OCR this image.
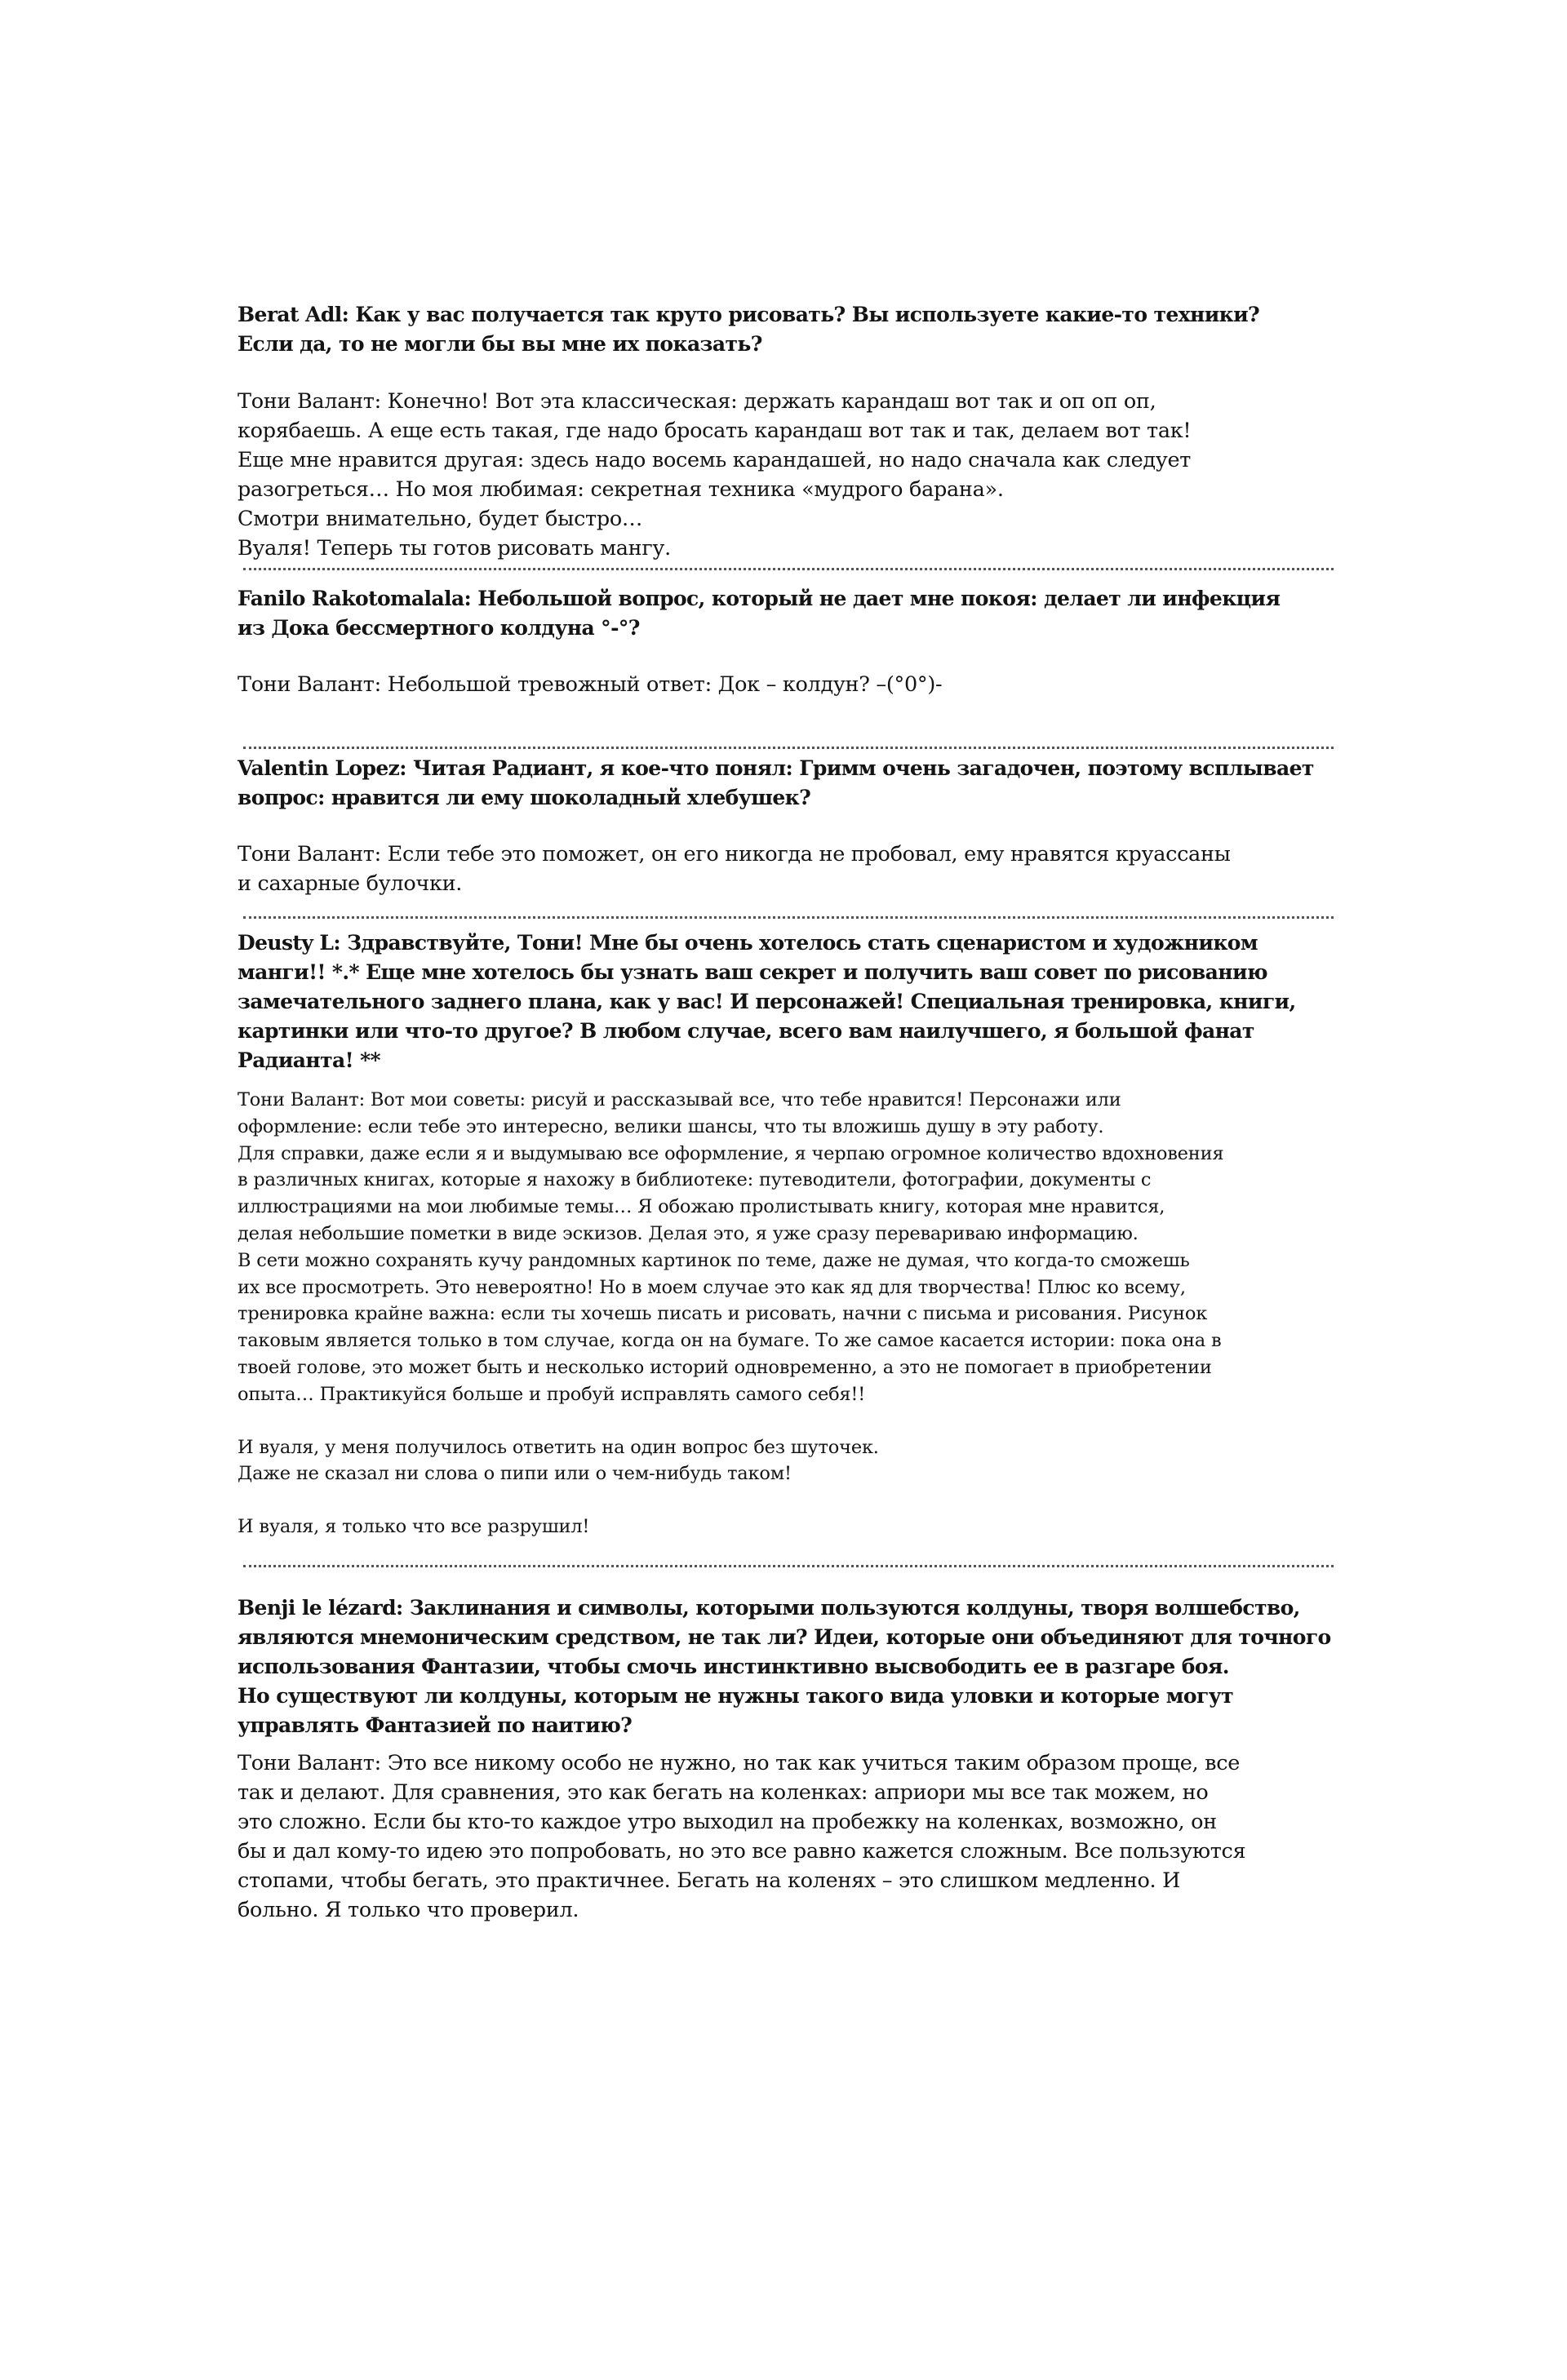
Berat Adl: Как у вас получается так круто рисовать? Вы используете какие-то техники?
Если да, то не могли бы вы мне их показать?

Тони Валант: Конечно! Вот эта классическая: держать карандаш вот так и оп оп оп,
корябаешь. А еще есть такая, где надо бросать карандаш вот так и так, делаем вот так!
Еще мне нравится другая: здесь надо восемь карандашей, но надо сначала как следует
разогреться… Но моя любимая: секретная техника «мудрого барана».
Смотри внимательно, будет быстро…
Вуаля! Теперь ты готов рисовать мангу.

Fanilo Rakotomalala: Небольшой вопрос, который не дает мне покоя: делает ли инфекция
из Дока бессмертного колдуна °-°?

Тони Валант: Небольшой тревожный ответ: Док – колдун? –(°0°)-

Valentin Lopez: Читая Радиант, я кое-что понял: Гримм очень загадочен, поэтому всплывает
вопрос: нравится ли ему шоколадный хлебушек?

Тони Валант: Если тебе это поможет, он его никогда не пробовал, ему нравятся круассаны
и сахарные булочки.

Deusty L: Здравствуйте, Тони! Мне бы очень хотелось стать сценаристом и художником
манги!! *.* Еще мне хотелось бы узнать ваш секрет и получить ваш совет по рисованию
замечательного заднего плана, как у вас! И персонажей! Специальная тренировка, книги,
картинки или что-то другое? В любом случае, всего вам наилучшего, я большой фанат
Радианта! **

Тони Валант: Вот мои советы: рисуй и рассказывай все, что тебе нравится! Персонажи или
оформление: если тебе это интересно, велики шансы, что ты вложишь душу в эту работу.
Для справки, даже если я и выдумываю все оформление, я черпаю огромное количество вдохновения
в различных книгах, которые я нахожу в библиотеке: путеводители, фотографии, документы с
иллюстрациями на мои любимые темы… Я обожаю пролистывать книгу, которая мне нравится,
делая небольшие пометки в виде эскизов. Делая это, я уже сразу перевариваю информацию.
В сети можно сохранять кучу рандомных картинок по теме, даже не думая, что когда-то сможешь
их все просмотреть. Это невероятно! Но в моем случае это как яд для творчества! Плюс ко всему,
тренировка крайне важна: если ты хочешь писать и рисовать, начни с письма и рисования. Рисунок
таковым является только в том случае, когда он на бумаге. То же самое касается истории: пока она в
твоей голове, это может быть и несколько историй одновременно, а это не помогает в приобретении
опыта… Практикуйся больше и пробуй исправлять самого себя!!

И вуаля, у меня получилось ответить на один вопрос без шуточек.
Даже не сказал ни слова о пипи или о чем-нибудь таком!

И вуаля, я только что все разрушил!

Benji le lézard: Заклинания и символы, которыми пользуются колдуны, творя волшебство,
являются мнемоническим средством, не так ли? Идеи, которые они объединяют для точного
использования Фантазии, чтобы смочь инстинктивно высвободить ее в разгаре боя.
Но существуют ли колдуны, которым не нужны такого вида уловки и которые могут
управлять Фантазией по наитию?

Тони Валант: Это все никому особо не нужно, но так как учиться таким образом проще, все
так и делают. Для сравнения, это как бегать на коленках: априори мы все так можем, но
это сложно. Если бы кто-то каждое утро выходил на пробежку на коленках, возможно, он
бы и дал кому-то идею это попробовать, но это все равно кажется сложным. Все пользуются
стопами, чтобы бегать, это практичнее. Бегать на коленях – это слишком медленно. И
больно. Я только что проверил.
